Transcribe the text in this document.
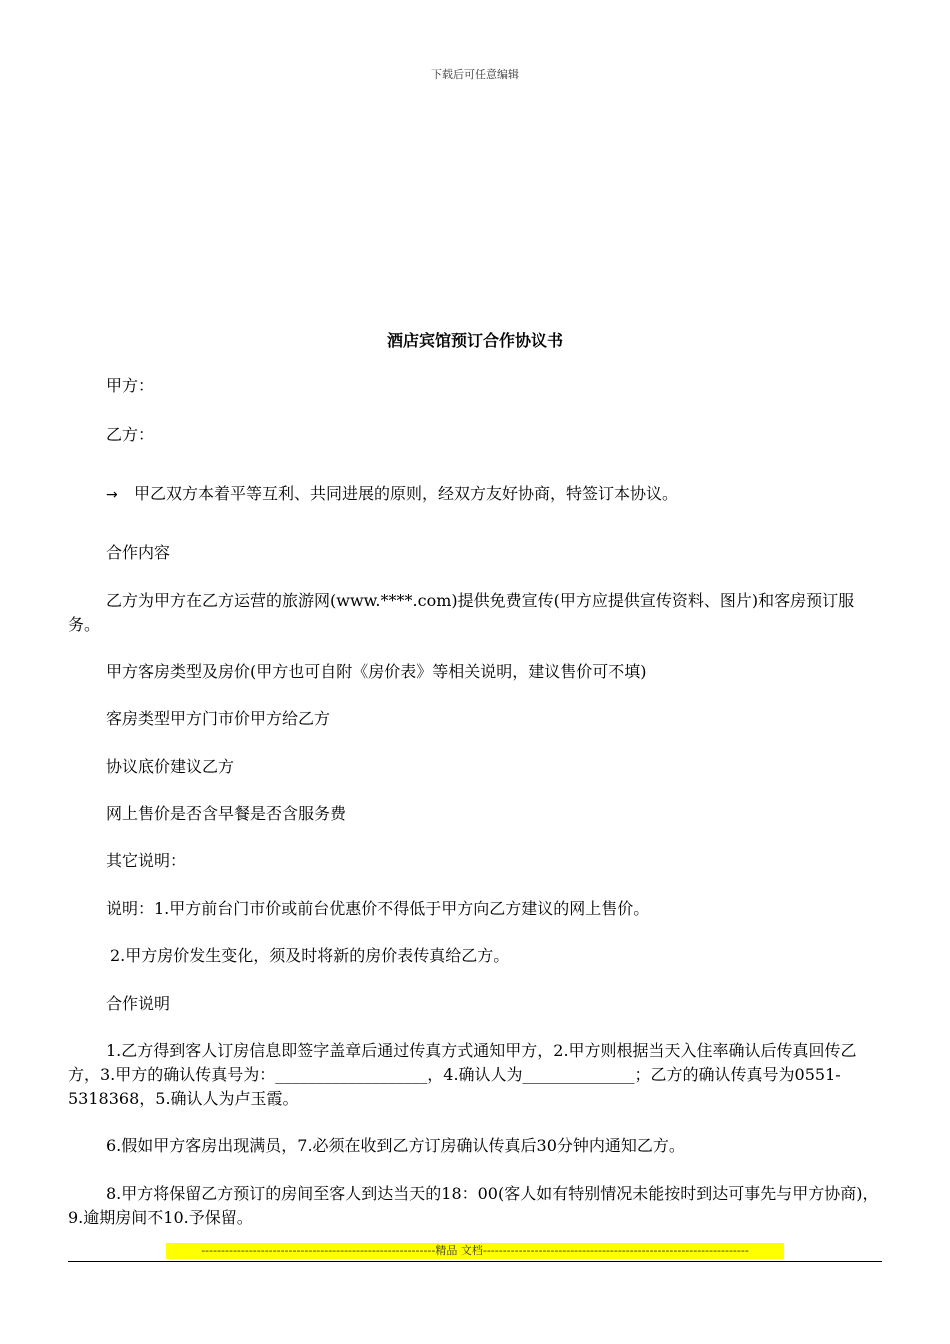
下载后可任意编辑
酒店宾馆预订合作协议书
甲方：
乙方：
→ 甲乙双方本着平等互利、共同进展的原则，经双方友好协商，特签订本协议。
合作内容
乙方为甲方在乙方运营的旅游网(www.****.com)提供免费宣传(甲方应提供宣传资料、图片)和客房预订服务。
甲方客房类型及房价(甲方也可自附《房价表》等相关说明，建议售价可不填)
客房类型甲方门市价甲方给乙方
协议底价建议乙方
网上售价是否含早餐是否含服务费
其它说明：
说明：1.甲方前台门市价或前台优惠价不得低于甲方向乙方建议的网上售价。
2.甲方房价发生变化，须及时将新的房价表传真给乙方。
合作说明
1.乙方得到客人订房信息即签字盖章后通过传真方式通知甲方，2.甲方则根据当天入住率确认后传真回传乙方，3.甲方的确认传真号为：___________________，4.确认人为______________；乙方的确认传真号为0551-5318368，5.确认人为卢玉霞。
6.假如甲方客房出现满员，7.必须在收到乙方订房确认传真后30分钟内通知乙方。
8.甲方将保留乙方预订的房间至客人到达当天的18：00(客人如有特别情况未能按时到达可事先与甲方协商)，9.逾期房间不10.予保留。
-----------------------------------------------------------精品 文档-------------------------------------------------------------------
